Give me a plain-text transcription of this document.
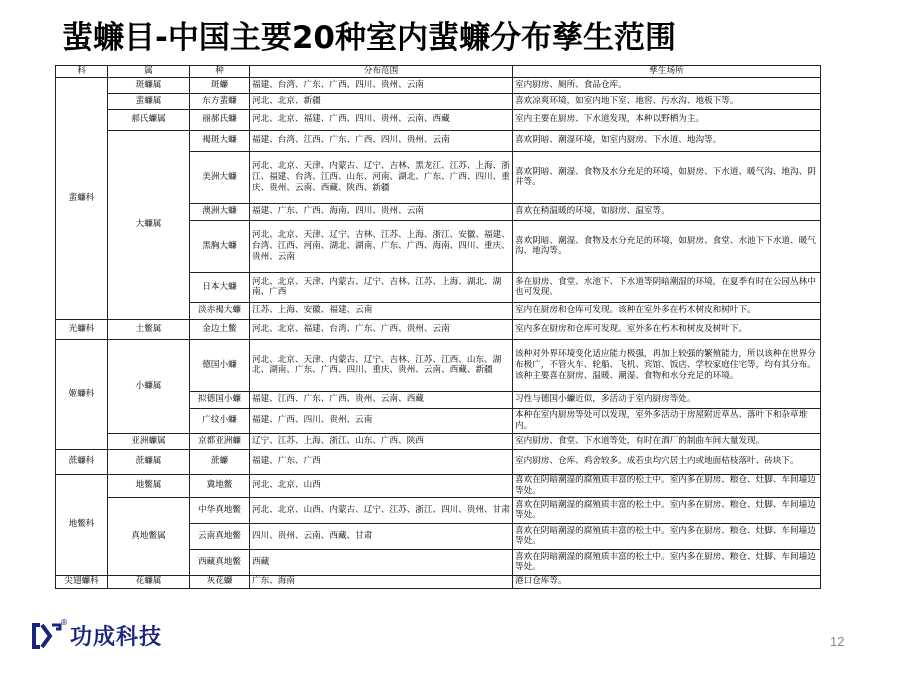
蜚蠊目-中国主要20种室内蜚蠊分布孳生范围
科	属	种	分布范围	孳生场所
蜚蠊科	斑蠊属	斑蠊	福建、台湾、广东、广西、四川、贵州、云南	室内厨房、厕所、食品仓库。
	蜚蠊属	东方蜚蠊	河北、北京、新疆	喜欢凉爽环境，如室内地下室、地窖、污水沟、地板下等。
	郝氏蠊属	丽郝氏蠊	河北、北京、福建、广西、四川、贵州、云南、西藏	室内主要在厨房、下水道发现，本种以野栖为主。
	大蠊属	褐斑大蠊	福建、台湾、江西、广东、广西、四川、贵州、云南	喜欢阴暗、潮湿环境，如室内厨房、下水道、地沟等。
		美洲大蠊	河北、北京、天津、内蒙古、辽宁、吉林、黑龙江、江苏、上海、浙江、福建、台湾、江西、山东、河南、湖北、广东、广西、四川、重庆、贵州、云南、西藏、陕西、新疆	喜欢阴暗、潮湿、食物及水分充足的环境，如厨房、下水道、暖气沟、地沟、阴井等。
		澳洲大蠊	福建、广东、广西、海南、四川、贵州、云南	喜欢在稍温暖的环境，如厨房、温室等。
		黑胸大蠊	河北、北京、天津、辽宁、吉林、江苏、上海、浙江、安徽、福建、台湾、江西、河南、湖北、湖南、广东、广西、海南、四川、重庆、贵州、云南	喜欢阴暗、潮湿、食物及水分充足的环境，如厨房、食堂、水池下下水道、暖气沟、地沟等。
		日本大蠊	河北、北京、天津、内蒙古、辽宁、吉林、江苏、上海、湖北、湖南、广西	多在厨房、食堂、水池下、下水道等阴暗潮湿的环境，在夏季有时在公园丛林中也可发现。
		淡赤褐大蠊	江苏、上海、安徽、福建、云南	室内在厨房和仓库可发现。该种在室外多在朽木树皮和树叶下。
光蠊科	土鳖属	金边土鳖	河北、北京、福建、台湾、广东、广西、贵州、云南	室内多在厨房和仓库可发现。室外多在朽木和树皮及树叶下。
姬蠊科	小蠊属	德国小蠊	河北、北京、天津、内蒙古、辽宁、吉林、江苏、江西、山东、湖北、湖南、广东、广西、四川、重庆、贵州、云南、西藏、新疆	该种对外界环境变化适应能力极强，再加上较强的繁殖能力，所以该种在世界分布极广，不管火车、轮船、飞机、宾馆、饭店、学校家庭住宅等，均有其分布。该种主要喜在厨房、温暖、潮湿、食物和水分充足的环境。
		拟德国小蠊	福建、江西、广东、广西、贵州、云南、西藏	习性与德国小蠊近似，多活动于室内厨房等处。
		广纹小蠊	福建、广西、四川、贵州、云南	本种在室内厨房等处可以发现，室外多活动于房屋附近草丛、落叶下和杂草堆内。
	亚洲蠊属	京都亚洲蠊	辽宁、江苏、上海、浙江、山东、广西、陕西	室内厨房、食堂、下水道等处，有时在酒厂的制曲车间大量发现。
蔗蠊科	蔗蠊属	蔗蠊	福建、广东、广西	室内厨房、仓库、鸡舍较多。成若虫均穴居土内或地面枯枝落叶、砖块下。
地鳖科	地鳖属	冀地鳖	河北、北京、山西	喜欢在阴暗潮湿的腐殖质丰富的松土中。室内多在厨房、粮仓、灶脚、车间墙边等处。
	真地鳖属	中华真地鳖	河北、北京、山西、内蒙古、辽宁、江苏、浙江、四川、贵州、甘肃	喜欢在阴暗潮湿的腐殖质丰富的松土中。室内多在厨房、粮仓、灶脚、车间墙边等处。
		云南真地鳖	四川、贵州、云南、西藏、甘肃	喜欢在阴暗潮湿的腐殖质丰富的松土中。室内多在厨房、粮仓、灶脚、车间墙边等处。
		西藏真地鳖	西藏	喜欢在阴暗潮湿的腐殖质丰富的松土中。室内多在厨房、粮仓、灶脚、车间墙边等处。
尖翅蠊科	花蠊属	灰花蠊	广东、海南	港口仓库等。
功成科技
®
12
